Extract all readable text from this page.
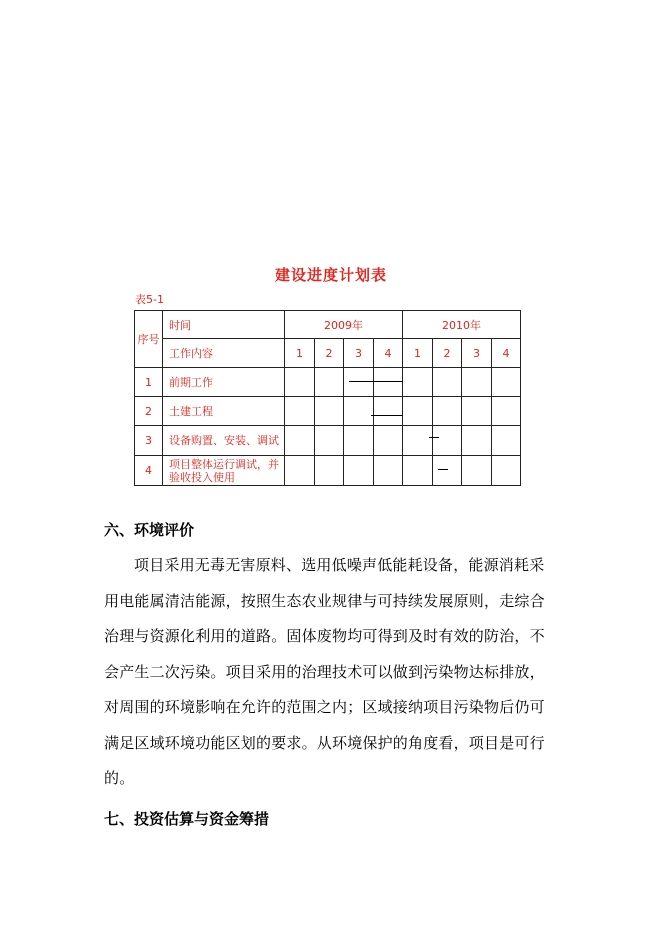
建设进度计划表
表5-1
序号	时间	2009年				2010年			
	工作内容	1	2	3	4	1	2	3	4
1	前期工作			

2	土建工程				

3	设备购置、安装、调试					

4	项目整体运行调试，并验收投入使用						

六、环境评价

项目采用无毒无害原料、选用低噪声低能耗设备，能源消耗采用电能属清洁能源，按照生态农业规律与可持续发展原则，走综合治理与资源化利用的道路。固体废物均可得到及时有效的防治，不会产生二次污染。项目采用的治理技术可以做到污染物达标排放，对周围的环境影响在允许的范围之内；区域接纳项目污染物后仍可满足区域环境功能区划的要求。从环境保护的角度看，项目是可行的。

七、投资估算与资金筹措
